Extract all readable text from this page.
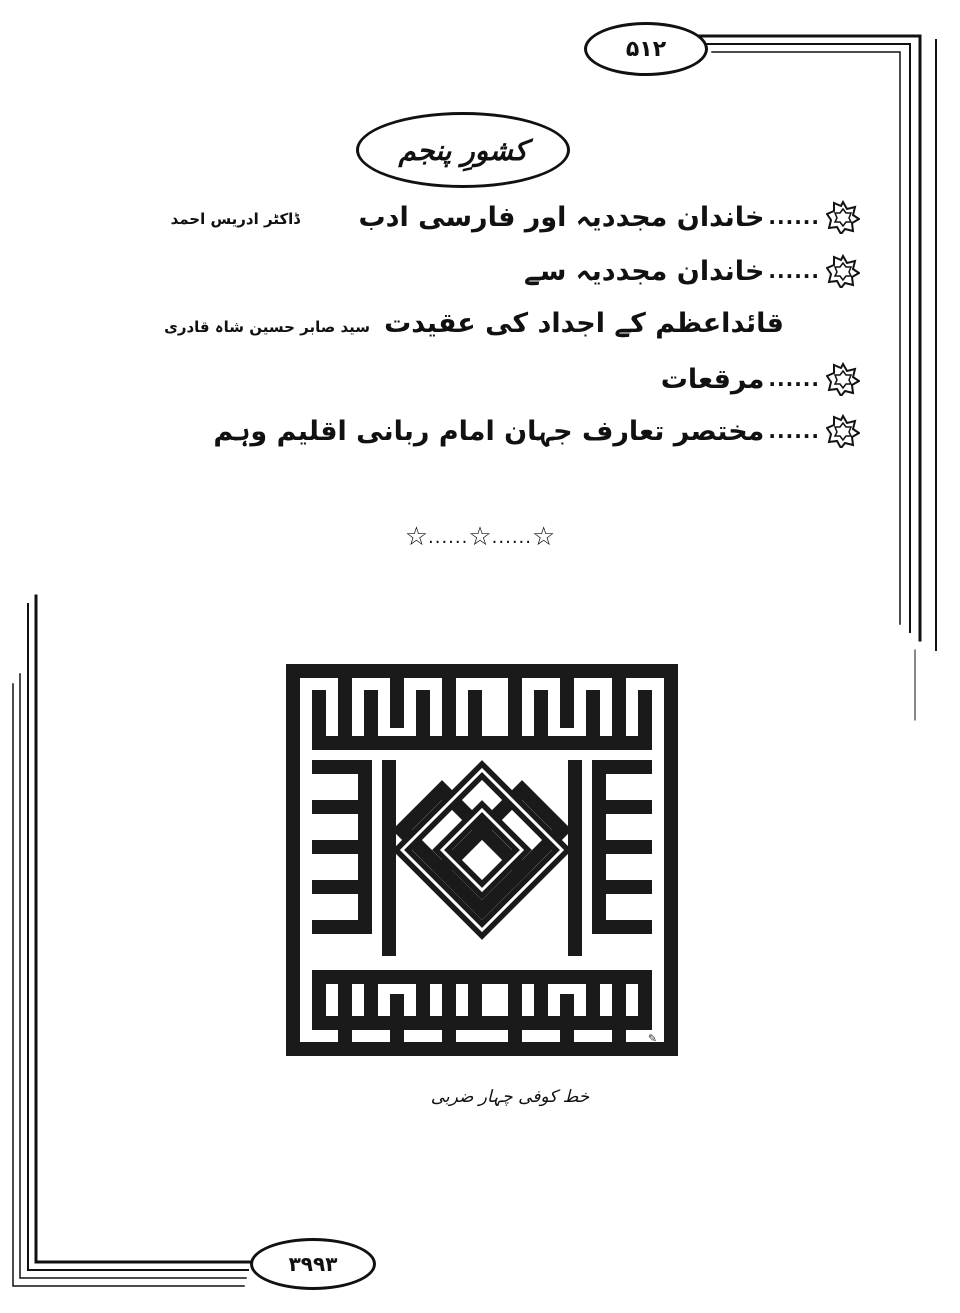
۵۱۲
کشورِ پنجم
......
خاندان مجددیہ اور فارسی ادب
ڈاکٹر ادریس احمد
......
خاندان مجددیہ سے
قائداعظم کے اجداد کی عقیدت
سید صابر حسین شاہ قادری
......
مرقعات
......
مختصر تعارف جہان امام ربانی اقلیم وہم
☆
......
☆
......
☆
✎
خط کوفی چہار ضربی
۳۹۹۳
